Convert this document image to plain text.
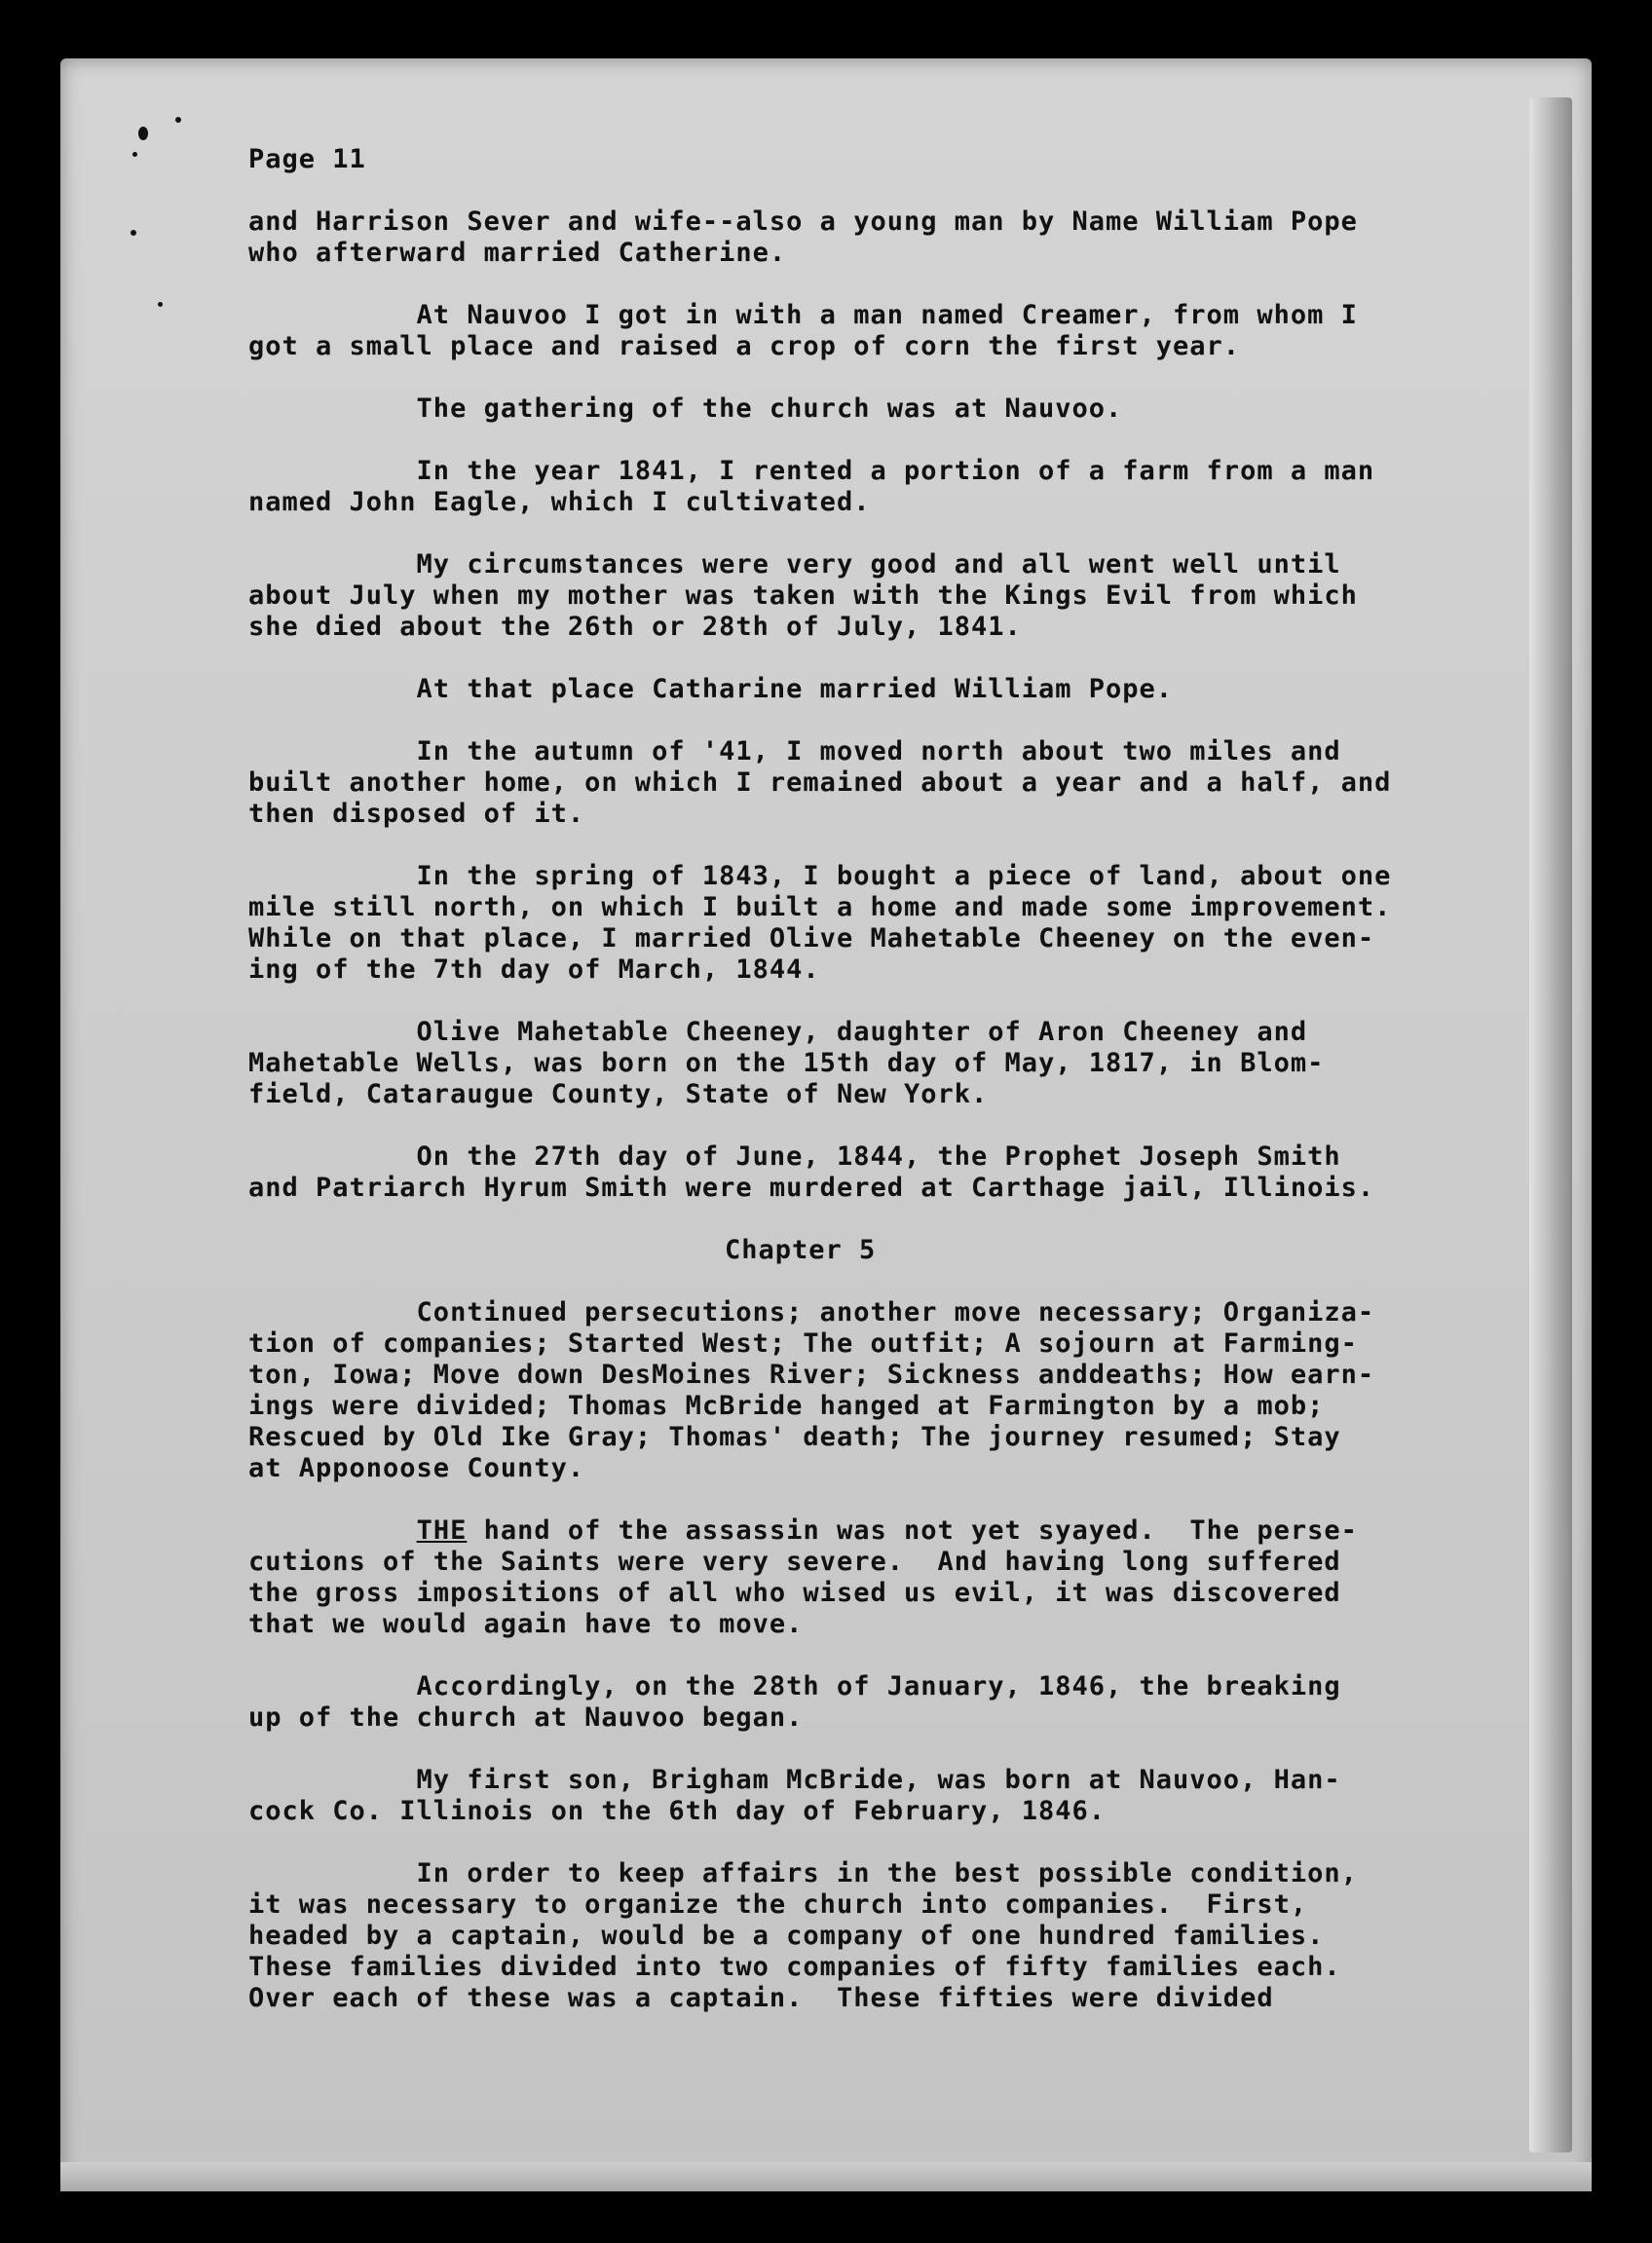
Page 11
and Harrison Sever and wife--also a young man by Name William Pope
who afterward married Catherine.
At Nauvoo I got in with a man named Creamer, from whom I
got a small place and raised a crop of corn the first year.
The gathering of the church was at Nauvoo.
In the year 1841, I rented a portion of a farm from a man
named John Eagle, which I cultivated.
My circumstances were very good and all went well until
about July when my mother was taken with the Kings Evil from which
she died about the 26th or 28th of July, 1841.
At that place Catharine married William Pope.
In the autumn of '41, I moved north about two miles and
built another home, on which I remained about a year and a half, and
then disposed of it.
In the spring of 1843, I bought a piece of land, about one
mile still north, on which I built a home and made some improvement.
While on that place, I married Olive Mahetable Cheeney on the even-
ing of the 7th day of March, 1844.
Olive Mahetable Cheeney, daughter of Aron Cheeney and
Mahetable Wells, was born on the 15th day of May, 1817, in Blom-
field, Cataraugue County, State of New York.
On the 27th day of June, 1844, the Prophet Joseph Smith
and Patriarch Hyrum Smith were murdered at Carthage jail, Illinois.
Chapter 5
Continued persecutions; another move necessary; Organiza-
tion of companies; Started West; The outfit; A sojourn at Farming-
ton, Iowa; Move down DesMoines River; Sickness anddeaths; How earn-
ings were divided; Thomas McBride hanged at Farmington by a mob;
Rescued by Old Ike Gray; Thomas' death; The journey resumed; Stay
at Apponoose County.
THE hand of the assassin was not yet syayed.  The perse-
cutions of the Saints were very severe.  And having long suffered
the gross impositions of all who wised us evil, it was discovered
that we would again have to move.
Accordingly, on the 28th of January, 1846, the breaking
up of the church at Nauvoo began.
My first son, Brigham McBride, was born at Nauvoo, Han-
cock Co. Illinois on the 6th day of February, 1846.
In order to keep affairs in the best possible condition,
it was necessary to organize the church into companies.  First,
headed by a captain, would be a company of one hundred families.
These families divided into two companies of fifty families each.
Over each of these was a captain.  These fifties were divided
